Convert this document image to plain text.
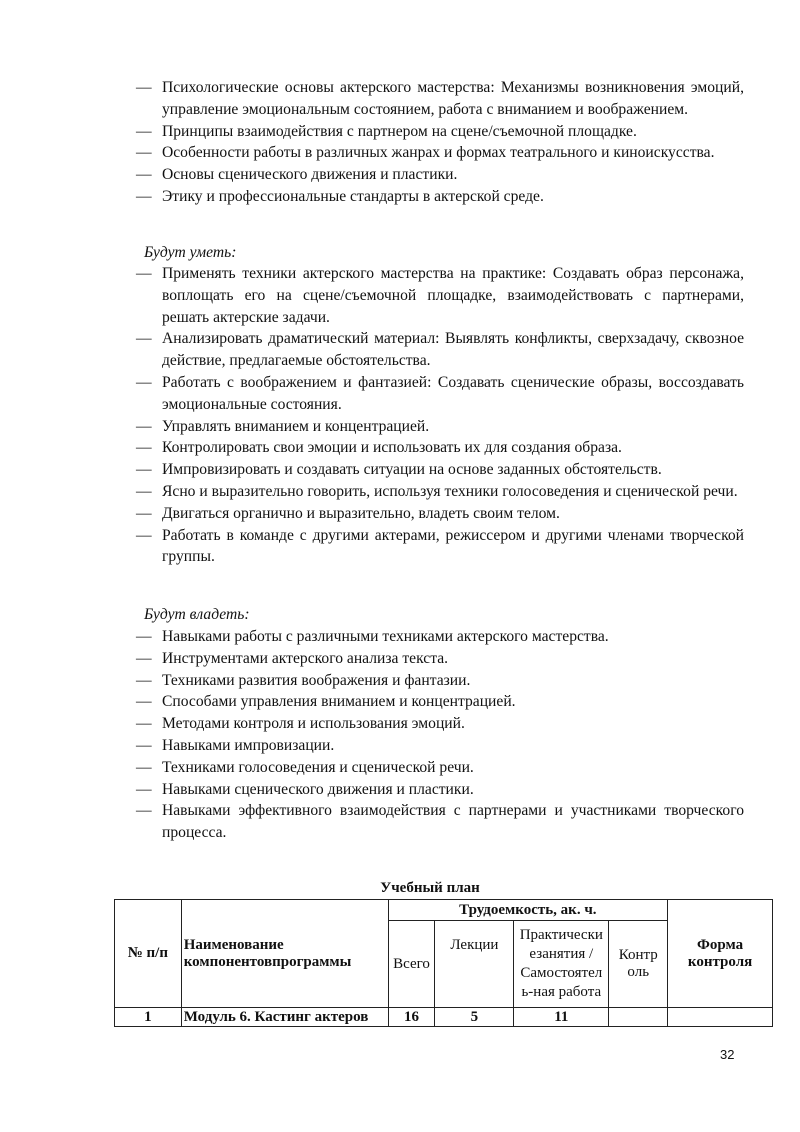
— Психологические основы актерского мастерства: Механизмы возникновения эмоций, управление эмоциональным состоянием, работа с вниманием и воображением.
— Принципы взаимодействия с партнером на сцене/съемочной площадке.
— Особенности работы в различных жанрах и формах театрального и киноискусства.
— Основы сценического движения и пластики.
— Этику и профессиональные стандарты в актерской среде.
Будут уметь:
— Применять техники актерского мастерства на практике: Создавать образ персонажа, воплощать его на сцене/съемочной площадке, взаимодействовать с партнерами, решать актерские задачи.
— Анализировать драматический материал: Выявлять конфликты, сверхзадачу, сквозное действие, предлагаемые обстоятельства.
— Работать с воображением и фантазией: Создавать сценические образы, воссоздавать эмоциональные состояния.
— Управлять вниманием и концентрацией.
— Контролировать свои эмоции и использовать их для создания образа.
— Импровизировать и создавать ситуации на основе заданных обстоятельств.
— Ясно и выразительно говорить, используя техники голосоведения и сценической речи.
— Двигаться органично и выразительно, владеть своим телом.
— Работать в команде с другими актерами, режиссером и другими членами творческой группы.
Будут владеть:
— Навыками работы с различными техниками актерского мастерства.
— Инструментами актерского анализа текста.
— Техниками развития воображения и фантазии.
— Способами управления вниманием и концентрацией.
— Методами контроля и использования эмоций.
— Навыками импровизации.
— Техниками голосоведения и сценической речи.
— Навыками сценического движения и пластики.
— Навыками эффективного взаимодействия с партнерами и участниками творческого процесса.
Учебный план
№ п/п	Наименование компонентовпрограммы	Трудоемкость, ак. ч.				Форма контроля
		Всего	Лекции	Практически езанятия / Самостоятел ь-ная работа	Контр оль	
1	Модуль 6. Кастинг актеров	16	5	11		
32
